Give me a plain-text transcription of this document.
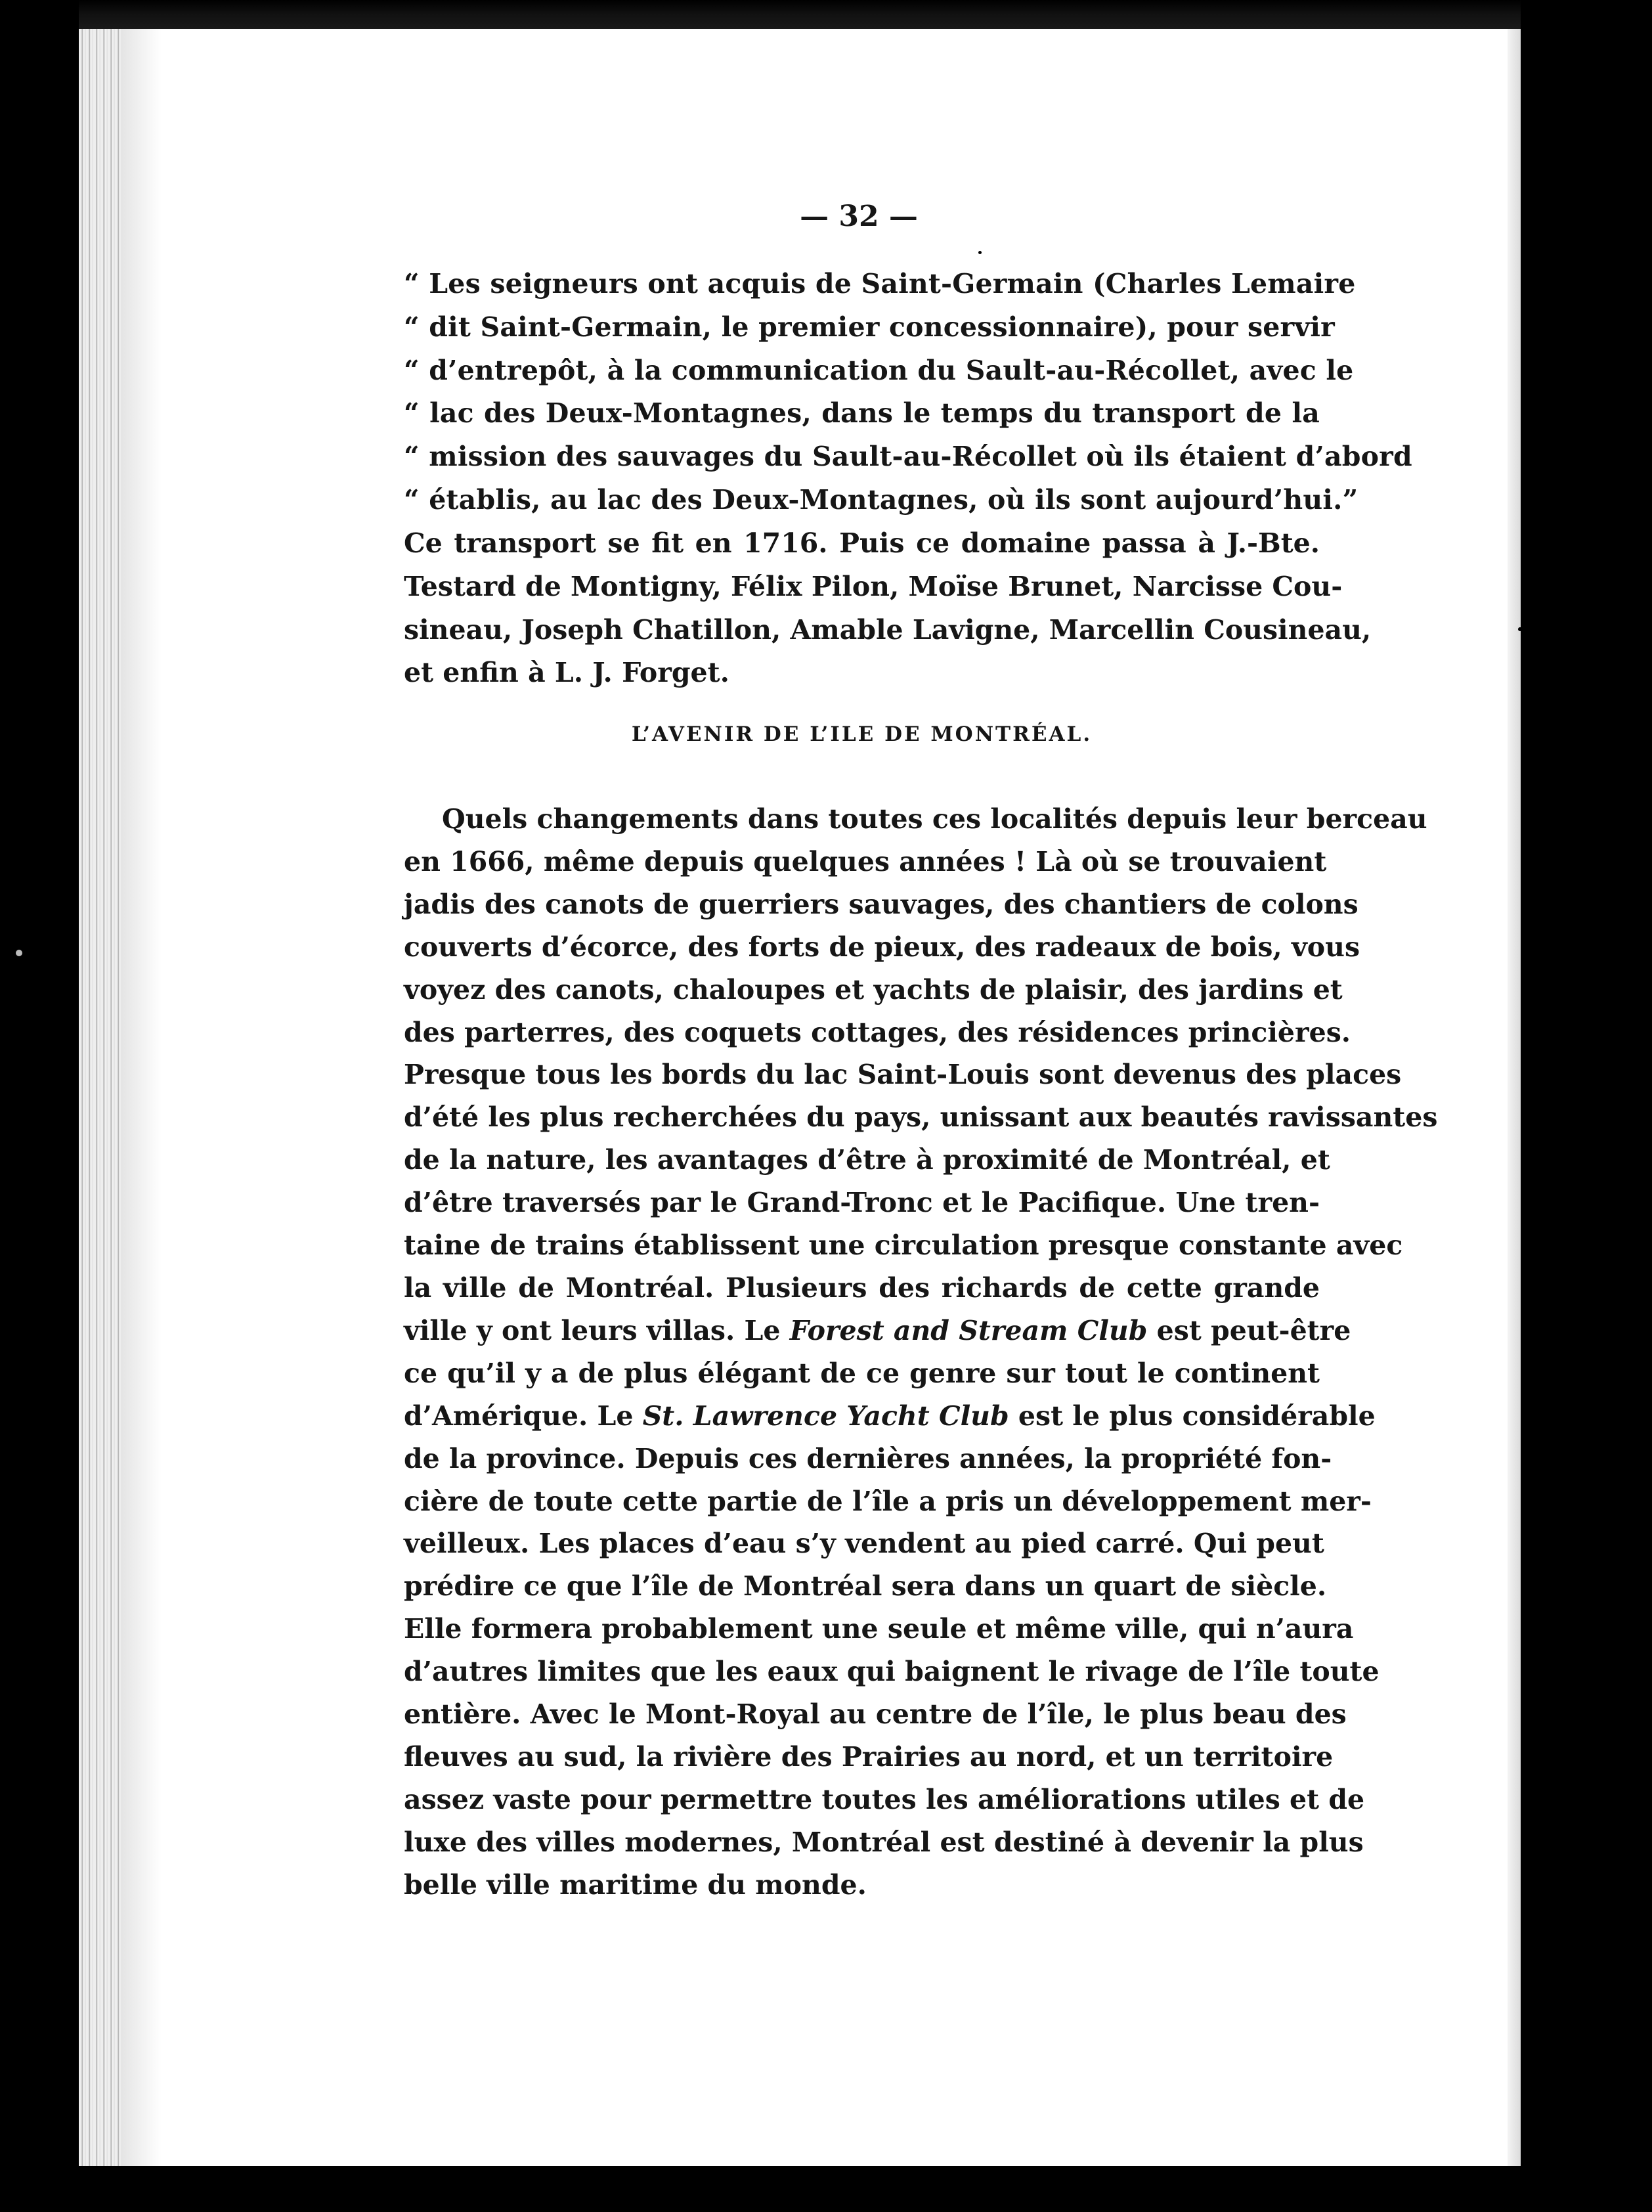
— 32 —
“ Les seigneurs ont acquis de Saint-Germain (Charles Lemaire
“ dit Saint-Germain, le premier concessionnaire), pour servir
“ d’entrepôt, à la communication du Sault-au-Récollet, avec le
“ lac des Deux-Montagnes, dans le temps du transport de la
“ mission des sauvages du Sault-au-Récollet où ils étaient d’abord
“ établis, au lac des Deux-Montagnes, où ils sont aujourd’hui.”
Ce transport se fit en 1716. Puis ce domaine passa à J.-Bte.
Testard de Montigny, Félix Pilon, Moïse Brunet, Narcisse Cou-
sineau, Joseph Chatillon, Amable Lavigne, Marcellin Cousineau,
et enfin à L. J. Forget.
L’AVENIR DE L’ILE DE MONTRÉAL.
Quels changements dans toutes ces localités depuis leur berceau
en 1666, même depuis quelques années ! Là où se trouvaient
jadis des canots de guerriers sauvages, des chantiers de colons
couverts d’écorce, des forts de pieux, des radeaux de bois, vous
voyez des canots, chaloupes et yachts de plaisir, des jardins et
des parterres, des coquets cottages, des résidences princières.
Presque tous les bords du lac Saint-Louis sont devenus des places
d’été les plus recherchées du pays, unissant aux beautés ravissantes
de la nature, les avantages d’être à proximité de Montréal, et
d’être traversés par le Grand-Tronc et le Pacifique. Une tren-
taine de trains établissent une circulation presque constante avec
la ville de Montréal. Plusieurs des richards de cette grande
ville y ont leurs villas. Le Forest and Stream Club est peut-être
ce qu’il y a de plus élégant de ce genre sur tout le continent
d’Amérique. Le St. Lawrence Yacht Club est le plus considérable
de la province. Depuis ces dernières années, la propriété fon-
cière de toute cette partie de l’île a pris un développement mer-
veilleux. Les places d’eau s’y vendent au pied carré. Qui peut
prédire ce que l’île de Montréal sera dans un quart de siècle.
Elle formera probablement une seule et même ville, qui n’aura
d’autres limites que les eaux qui baignent le rivage de l’île toute
entière. Avec le Mont-Royal au centre de l’île, le plus beau des
fleuves au sud, la rivière des Prairies au nord, et un territoire
assez vaste pour permettre toutes les améliorations utiles et de
luxe des villes modernes, Montréal est destiné à devenir la plus
belle ville maritime du monde.
